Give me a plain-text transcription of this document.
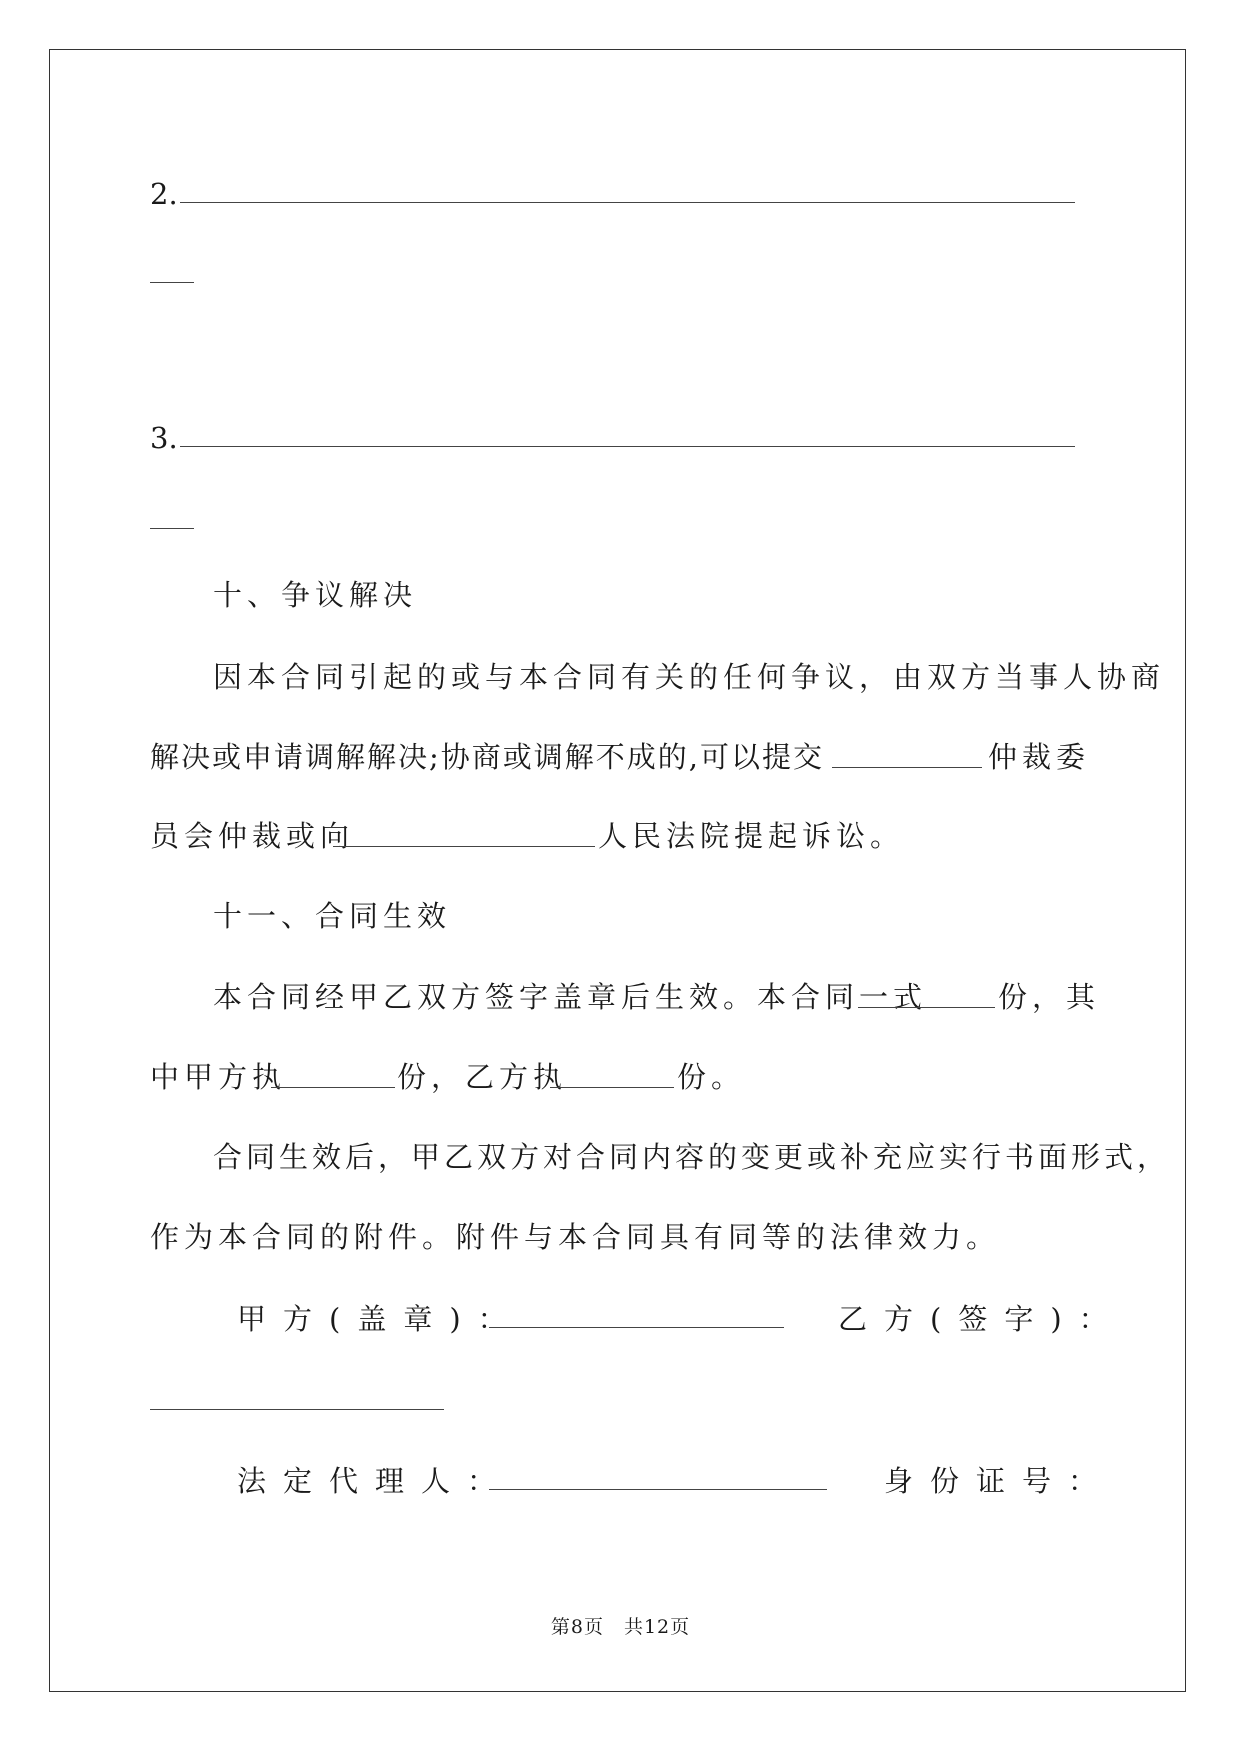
2.
3.
十、争议解决
因本合同引起的或与本合同有关的任何争议，由双方当事人协商
解决或申请调解解决;协商或调解不成的,可以提交	仲裁委
员会仲裁或向	人民法院提起诉讼。
十一、合同生效
本合同经甲乙双方签字盖章后生效。本合同一式 份，其
中甲方执	份，乙方执	份。
合同生效后，甲乙双方对合同内容的变更或补充应实行书面形式，
作为本合同的附件。附件与本合同具有同等的法律效力。
甲方(盖章)：	乙方(签字)：
法定代理人：	身份证号：
第8页　共12页
